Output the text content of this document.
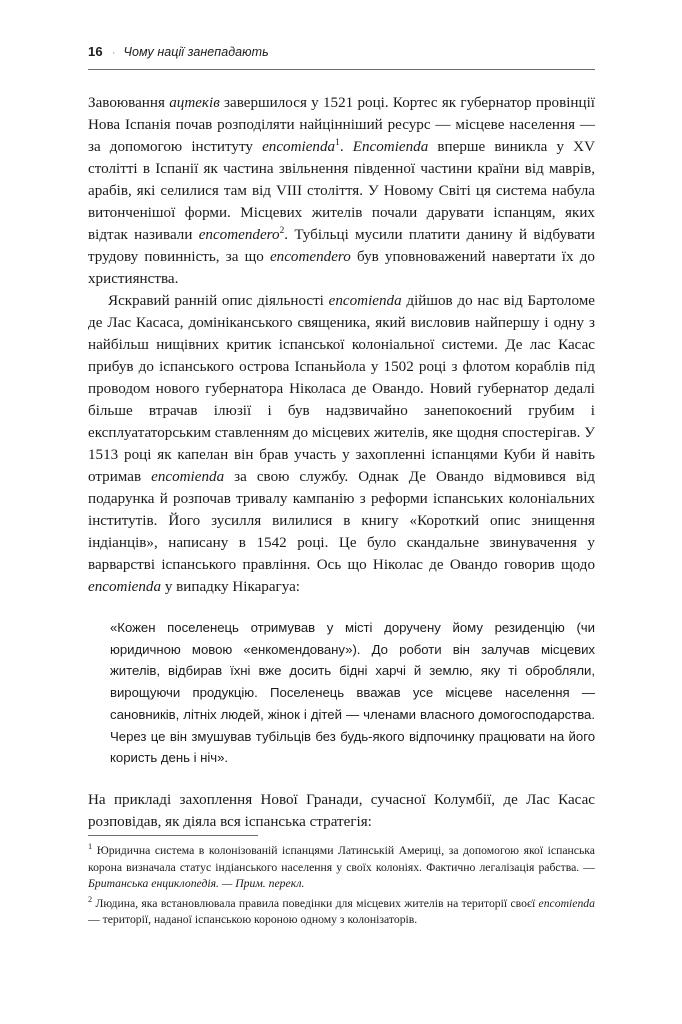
16 · Чому нації занепадають

Завоювання ацтеків завершилося у 1521 році. Кортес як губернатор провінції Нова Іспанія почав розподіляти найцінніший ресурс — місцеве населення — за допомогою інституту encomienda$^1$. Encomienda вперше виникла у XV столітті в Іспанії як частина звільнення південної частини країни від маврів, арабів, які селилися там від VIII століття. У Новому Світі ця система набула витонченішої форми. Місцевих жителів почали дарувати іспанцям, яких відтак називали encomendero$^2$. Тубільці мусили платити данину й відбувати трудову повинність, за що encomendero був уповноважений навертати їх до християнства.

Яскравий ранній опис діяльності encomienda дійшов до нас від Бартоломе де Лас Касаса, домініканського священика, який висловив найпершу і одну з найбільш нищівних критик іспанської колоніальної системи. Де лас Касас прибув до іспанського острова Іспаньйола у 1502 році з флотом кораблів під проводом нового губернатора Ніколаса де Овандо. Новий губернатор дедалі більше втрачав ілюзії і був надзвичайно занепокоєний грубим і експлуататорським ставленням до місцевих жителів, яке щодня спостерігав. У 1513 році як капелан він брав участь у захопленні іспанцями Куби й навіть отримав encomienda за свою службу. Однак Де Овандо відмовився від подарунка й розпочав тривалу кампанію з реформи іспанських колоніальних інститутів. Його зусилля вилилися в книгу «Короткий опис знищення індіанців», написану в 1542 році. Це було скандальне звинувачення у варварстві іспанського правління. Ось що Ніколас де Овандо говорив щодо encomienda у випадку Нікарагуа:

«Кожен поселенець отримував у місті доручену йому резиденцію (чи юридичною мовою «енкомендовану»). До роботи він залучав місцевих жителів, відбирав їхні вже досить бідні харчі й землю, яку ті обробляли, вирощуючи продукцію. Поселенець вважав усе місцеве населення — сановників, літніх людей, жінок і дітей — членами власного домогосподарства. Через це він змушував тубільців без будь-якого відпочинку працювати на його користь день і ніч».

На прикладі захоплення Нової Гранади, сучасної Колумбії, де Лас Касас розповідав, як діяла вся іспанська стратегія:

$^1$ Юридична система в колонізованій іспанцями Латинській Америці, за допомогою якої іспанська корона визначала статус індіанського населення у своїх колоніях. Фактично легалізація рабства. — Британська енциклопедія. — Прим. перекл.

$^2$ Людина, яка встановлювала правила поведінки для місцевих жителів на території своєї encomienda — території, наданої іспанською короною одному з колонізаторів.
